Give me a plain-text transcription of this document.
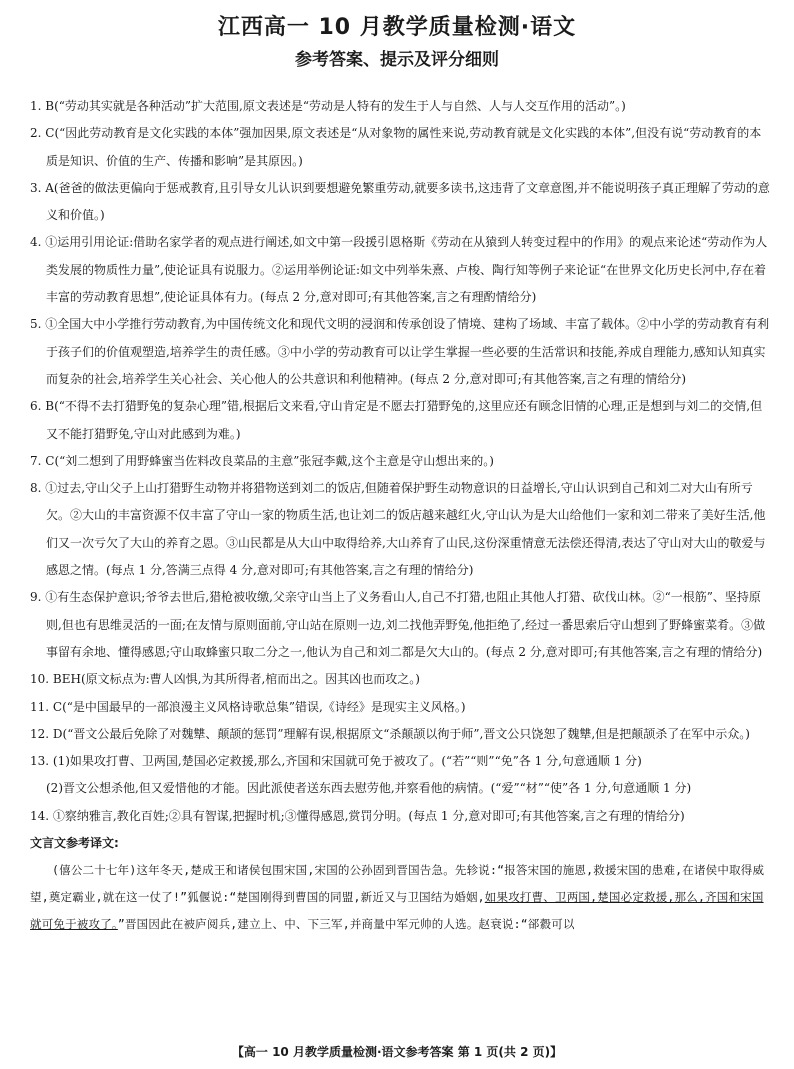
江西高一 10 月教学质量检测·语文
参考答案、提示及评分细则

1. B(“劳动其实就是各种活动”扩大范围,原文表述是“劳动是人特有的发生于人与自然、人与人交互作用的活动”。)

2. C(“因此劳动教育是文化实践的本体”强加因果,原文表述是“从对象物的属性来说,劳动教育就是文化实践的本体”,但没有说“劳动教育的本质是知识、价值的生产、传播和影响”是其原因。)

3. A(爸爸的做法更偏向于惩戒教育,且引导女儿认识到要想避免繁重劳动,就要多读书,这违背了文章意图,并不能说明孩子真正理解了劳动的意义和价值。)

4. ①运用引用论证:借助名家学者的观点进行阐述,如文中第一段援引恩格斯《劳动在从猿到人转变过程中的作用》的观点来论述“劳动作为人类发展的物质性力量”,使论证具有说服力。②运用举例论证:如文中列举朱熹、卢梭、陶行知等例子来论证“在世界文化历史长河中,存在着丰富的劳动教育思想”,使论证具体有力。(每点 2 分,意对即可;有其他答案,言之有理酌情给分)

5. ①全国大中小学推行劳动教育,为中国传统文化和现代文明的浸润和传承创设了情境、建构了场域、丰富了载体。②中小学的劳动教育有利于孩子们的价值观塑造,培养学生的责任感。③中小学的劳动教育可以让学生掌握一些必要的生活常识和技能,养成自理能力,感知认知真实而复杂的社会,培养学生关心社会、关心他人的公共意识和利他精神。(每点 2 分,意对即可;有其他答案,言之有理的情给分)

6. B(“不得不去打猎野兔的复杂心理”错,根据后文来看,守山肯定是不愿去打猎野兔的,这里应还有顾念旧情的心理,正是想到与刘二的交情,但又不能打猎野兔,守山对此感到为难。)

7. C(“刘二想到了用野蜂蜜当佐料改良菜品的主意”张冠李戴,这个主意是守山想出来的。)

8. ①过去,守山父子上山打猎野生动物并将猎物送到刘二的饭店,但随着保护野生动物意识的日益增长,守山认识到自己和刘二对大山有所亏欠。②大山的丰富资源不仅丰富了守山一家的物质生活,也让刘二的饭店越来越红火,守山认为是大山给他们一家和刘二带来了美好生活,他们又一次亏欠了大山的养育之恩。③山民都是从大山中取得给养,大山养育了山民,这份深重情意无法偿还得清,表达了守山对大山的敬爱与感恩之情。(每点 1 分,答满三点得 4 分,意对即可;有其他答案,言之有理的情给分)

9. ①有生态保护意识;爷爷去世后,猎枪被收缴,父亲守山当上了义务看山人,自己不打猎,也阻止其他人打猎、砍伐山林。②“一根筋”、坚持原则,但也有思维灵活的一面;在友情与原则面前,守山站在原则一边,刘二找他弄野兔,他拒绝了,经过一番思索后守山想到了野蜂蜜菜肴。③做事留有余地、懂得感恩;守山取蜂蜜只取二分之一,他认为自己和刘二都是欠大山的。(每点 2 分,意对即可;有其他答案,言之有理的情给分)

10. BEH(原文标点为:曹人凶惧,为其所得者,棺而出之。因其凶也而攻之。)

11. C(“是中国最早的一部浪漫主义风格诗歌总集”错误,《诗经》是现实主义风格。)

12. D(“晋文公最后免除了对魏犨、颠颉的惩罚”理解有误,根据原文“杀颠颉以徇于师”,晋文公只饶恕了魏犨,但是把颠颉杀了在军中示众。)

13. (1)如果攻打曹、卫两国,楚国必定救援,那么,齐国和宋国就可免于被攻了。(“若”“则”“免”各 1 分,句意通顺 1 分)

(2)晋文公想杀他,但又爱惜他的才能。因此派使者送东西去慰劳他,并察看他的病情。(“爱”“材”“使”各 1 分,句意通顺 1 分)

14. ①察纳雅言,教化百姓;②具有智谋,把握时机;③懂得感恩,赏罚分明。(每点 1 分,意对即可;有其他答案,言之有理的情给分)

文言文参考译文:

(僖公二十七年)这年冬天,楚成王和诸侯包围宋国,宋国的公孙固到晋国告急。先轸说:“报答宋国的施恩,救援宋国的患难,在诸侯中取得威望,奠定霸业,就在这一仗了!”狐偃说:“楚国刚得到曹国的同盟,新近又与卫国结为婚姻,如果攻打曹、卫两国,楚国必定救援,那么,齐国和宋国就可免于被攻了。”晋国因此在被庐阅兵,建立上、中、下三军,并商量中军元帅的人选。赵衰说:“郤縠可以

【高一 10 月教学质量检测·语文参考答案 第 1 页(共 2 页)】
